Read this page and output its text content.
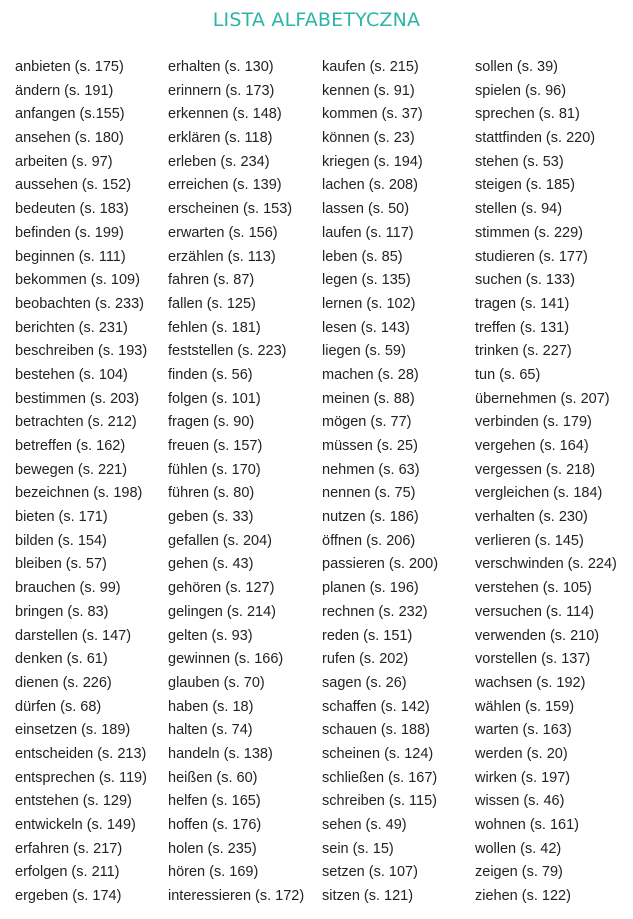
LISTA ALFABETYCZNA
anbieten (s. 175)
ändern (s. 191)
anfangen (s.155)
ansehen (s. 180)
arbeiten (s. 97)
aussehen (s. 152)
bedeuten (s. 183)
befinden (s. 199)
beginnen (s. 111)
bekommen (s. 109)
beobachten (s. 233)
berichten (s. 231)
beschreiben (s. 193)
bestehen (s. 104)
bestimmen (s. 203)
betrachten (s. 212)
betreffen (s. 162)
bewegen (s. 221)
bezeichnen (s. 198)
bieten (s. 171)
bilden (s. 154)
bleiben (s. 57)
brauchen (s. 99)
bringen (s. 83)
darstellen (s. 147)
denken (s. 61)
dienen (s. 226)
dürfen (s. 68)
einsetzen (s. 189)
entscheiden (s. 213)
entsprechen (s. 119)
entstehen (s. 129)
entwickeln (s. 149)
erfahren (s. 217)
erfolgen (s. 211)
ergeben (s. 174)
erhalten (s. 130)
erinnern (s. 173)
erkennen (s. 148)
erklären (s. 118)
erleben (s. 234)
erreichen (s. 139)
erscheinen (s. 153)
erwarten (s. 156)
erzählen (s. 113)
fahren (s. 87)
fallen (s. 125)
fehlen (s. 181)
feststellen (s. 223)
finden (s. 56)
folgen (s. 101)
fragen (s. 90)
freuen (s. 157)
fühlen (s. 170)
führen (s. 80)
geben (s. 33)
gefallen (s. 204)
gehen (s. 43)
gehören (s. 127)
gelingen (s. 214)
gelten (s. 93)
gewinnen (s. 166)
glauben (s. 70)
haben (s. 18)
halten (s. 74)
handeln (s. 138)
heißen (s. 60)
helfen (s. 165)
hoffen (s. 176)
holen (s. 235)
hören (s. 169)
interessieren (s. 172)
kaufen (s. 215)
kennen (s. 91)
kommen (s. 37)
können (s. 23)
kriegen (s. 194)
lachen (s. 208)
lassen (s. 50)
laufen (s. 117)
leben (s. 85)
legen (s. 135)
lernen (s. 102)
lesen (s. 143)
liegen (s. 59)
machen (s. 28)
meinen (s. 88)
mögen (s. 77)
müssen (s. 25)
nehmen (s. 63)
nennen (s. 75)
nutzen (s. 186)
öffnen (s. 206)
passieren (s. 200)
planen (s. 196)
rechnen (s. 232)
reden (s. 151)
rufen (s. 202)
sagen (s. 26)
schaffen (s. 142)
schauen (s. 188)
scheinen (s. 124)
schließen (s. 167)
schreiben (s. 115)
sehen (s. 49)
sein (s. 15)
setzen (s. 107)
sitzen (s. 121)
sollen (s. 39)
spielen (s. 96)
sprechen (s. 81)
stattfinden (s. 220)
stehen (s. 53)
steigen (s. 185)
stellen (s. 94)
stimmen (s. 229)
studieren (s. 177)
suchen (s. 133)
tragen (s. 141)
treffen (s. 131)
trinken (s. 227)
tun (s. 65)
übernehmen (s. 207)
verbinden (s. 179)
vergehen (s. 164)
vergessen (s. 218)
vergleichen (s. 184)
verhalten (s. 230)
verlieren (s. 145)
verschwinden (s. 224)
verstehen (s. 105)
versuchen (s. 114)
verwenden (s. 210)
vorstellen (s. 137)
wachsen (s. 192)
wählen (s. 159)
warten (s. 163)
werden (s. 20)
wirken (s. 197)
wissen (s. 46)
wohnen (s. 161)
wollen (s. 42)
zeigen (s. 79)
ziehen (s. 122)
